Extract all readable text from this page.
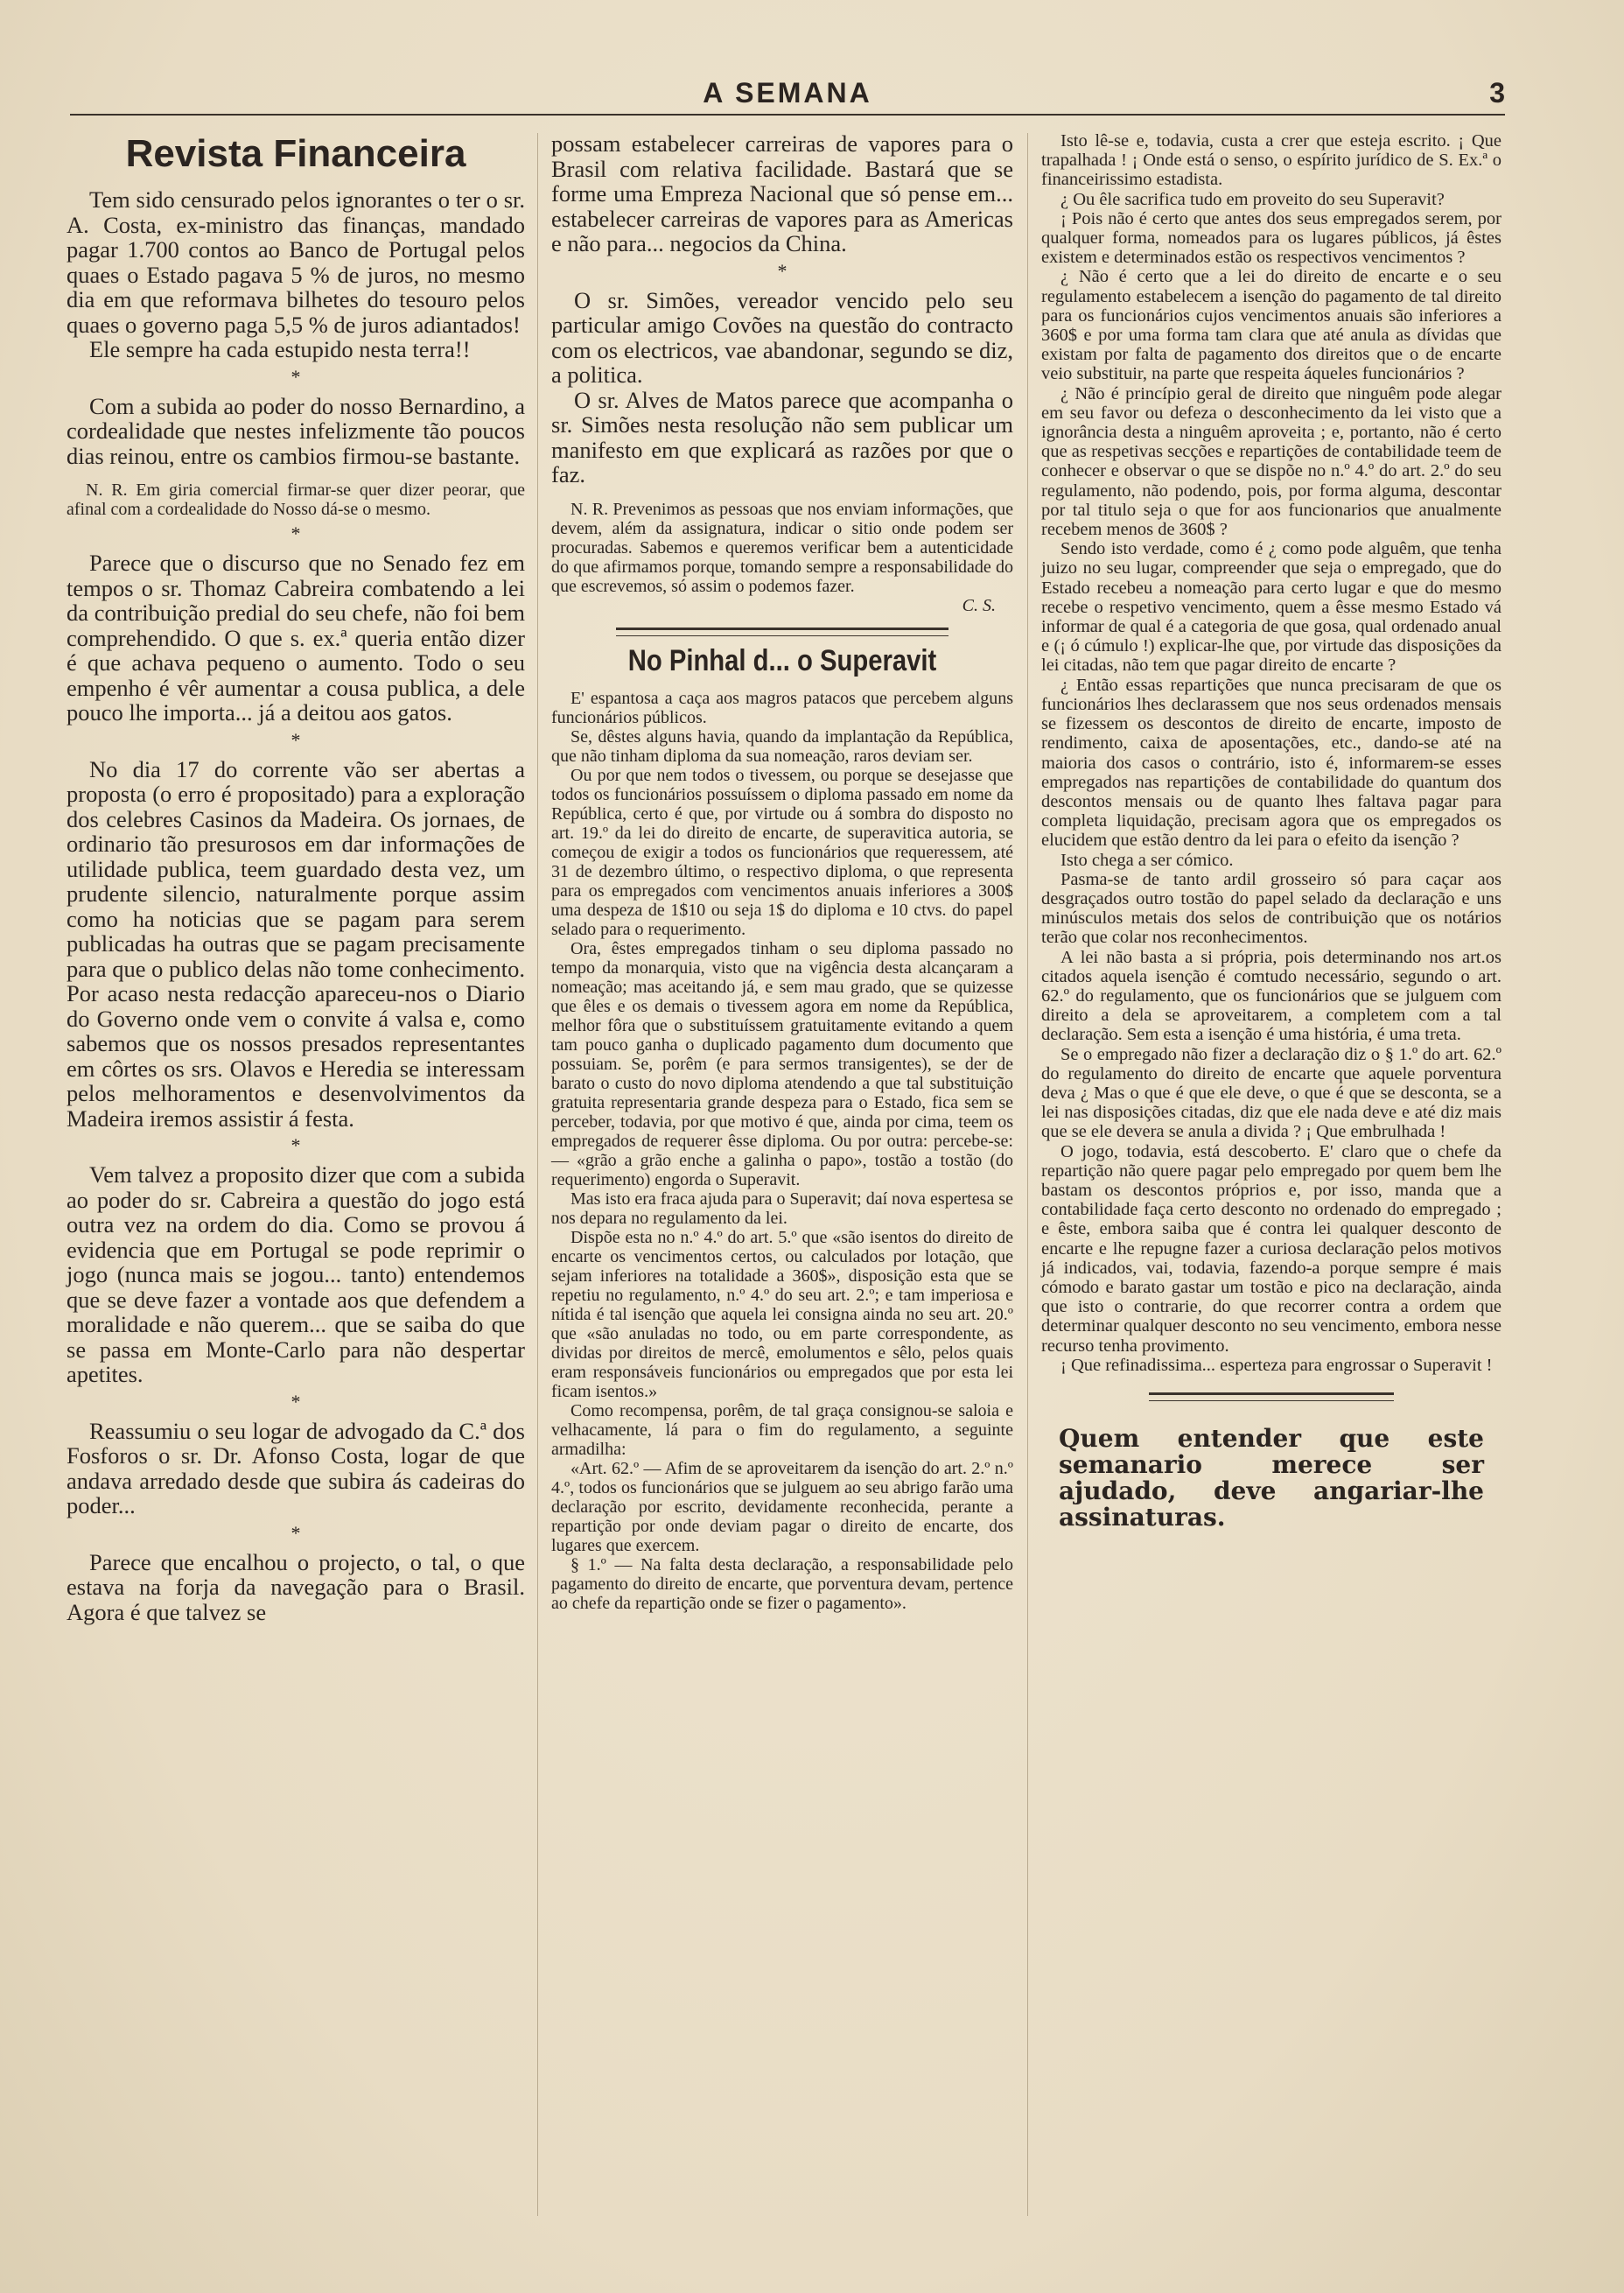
A SEMANA	3
Revista Financeira

Tem sido censurado pelos ignorantes o ter o sr. A. Costa, ex-ministro das finanças, mandado pagar 1.700 contos ao Banco de Portugal pelos quaes o Estado pagava 5 % de juros, no mesmo dia em que reformava bilhetes do tesouro pelos quaes o governo paga 5,5 % de juros adiantados!

Ele sempre ha cada estupido nesta terra!!

*

Com a subida ao poder do nosso Bernardino, a cordealidade que nestes infelizmente tão poucos dias reinou, entre os cambios firmou-se bastante.

N. R. Em giria comercial firmar-se quer dizer peorar, que afinal com a cordealidade do Nosso dá-se o mesmo.

*

Parece que o discurso que no Senado fez em tempos o sr. Thomaz Cabreira combatendo a lei da contribuição predial do seu chefe, não foi bem comprehendido. O que s. ex.ª queria então dizer é que achava pequeno o aumento. Todo o seu empenho é vêr aumentar a cousa publica, a dele pouco lhe importa... já a deitou aos gatos.

*

No dia 17 do corrente vão ser abertas a proposta (o erro é propositado) para a exploração dos celebres Casinos da Madeira. Os jornaes, de ordinario tão presurosos em dar informações de utilidade publica, teem guardado desta vez, um prudente silencio, naturalmente porque assim como ha noticias que se pagam para serem publicadas ha outras que se pagam precisamente para que o publico delas não tome conhecimento. Por acaso nesta redacção apareceu-nos o Diario do Governo onde vem o convite á valsa e, como sabemos que os nossos presados representantes em côrtes os srs. Olavos e Heredia se interessam pelos melhoramentos e desenvolvimentos da Madeira iremos assistir á festa.

*

Vem talvez a proposito dizer que com a subida ao poder do sr. Cabreira a questão do jogo está outra vez na ordem do dia. Como se provou á evidencia que em Portugal se pode reprimir o jogo (nunca mais se jogou... tanto) entendemos que se deve fazer a vontade aos que defendem a moralidade e não querem... que se saiba do que se passa em Monte-Carlo para não despertar apetites.

*

Reassumiu o seu logar de advogado da C.ª dos Fosforos o sr. Dr. Afonso Costa, logar de que andava arredado desde que subira ás cadeiras do poder...

*

Parece que encalhou o projecto, o tal, o que estava na forja da navegação para o Brasil. Agora é que talvez se

possam estabelecer carreiras de vapores para o Brasil com relativa facilidade. Bastará que se forme uma Empreza Nacional que só pense em... estabelecer carreiras de vapores para as Americas e não para... negocios da China.

*

O sr. Simões, vereador vencido pelo seu particular amigo Covões na questão do contracto com os electricos, vae abandonar, segundo se diz, a politica.

O sr. Alves de Matos parece que acompanha o sr. Simões nesta resolução não sem publicar um manifesto em que explicará as razões por que o faz.

N. R. Prevenimos as pessoas que nos enviam informações, que devem, além da assignatura, indicar o sitio onde podem ser procuradas. Sabemos e queremos verificar bem a autenticidade do que afirmamos porque, tomando sempre a responsabilidade do que escrevemos, só assim o podemos fazer.

C. S.
No Pinhal d... o Superavit

E' espantosa a caça aos magros patacos que percebem alguns funcionários públicos.

Se, dêstes alguns havia, quando da implantação da República, que não tinham diploma da sua nomeação, raros deviam ser.

Ou por que nem todos o tivessem, ou porque se desejasse que todos os funcionários possuíssem o diploma passado em nome da República, certo é que, por virtude ou á sombra do disposto no art. 19.º da lei do direito de encarte, de superavitica autoria, se começou de exigir a todos os funcionários que requeressem, até 31 de dezembro último, o respectivo diploma, o que representa para os empregados com vencimentos anuais inferiores a 300$ uma despeza de 1$10 ou seja 1$ do diploma e 10 ctvs. do papel selado para o requerimento.

Ora, êstes empregados tinham o seu diploma passado no tempo da monarquia, visto que na vigência desta alcançaram a nomeação; mas aceitando já, e sem mau grado, que se quizesse que êles e os demais o tivessem agora em nome da República, melhor fôra que o substituíssem gratuitamente evitando a quem tam pouco ganha o duplicado pagamento dum documento que possuiam. Se, porêm (e para sermos transigentes), se der de barato o custo do novo diploma atendendo a que tal substituição gratuita representaria grande despeza para o Estado, fica sem se perceber, todavia, por que motivo é que, ainda por cima, teem os empregados de requerer êsse diploma. Ou por outra: percebe-se: — «grão a grão enche a galinha o papo», tostão a tostão (do requerimento) engorda o Superavit.

Mas isto era fraca ajuda para o Superavit; daí nova espertesa se nos depara no regulamento da lei.

Dispõe esta no n.º 4.º do art. 5.º que «são isentos do direito de encarte os vencimentos certos, ou calculados por lotação, que sejam inferiores na totalidade a 360$», disposição esta que se repetiu no regulamento, n.º 4.º do seu art. 2.º; e tam imperiosa e nítida é tal isenção que aquela lei consigna ainda no seu art. 20.º que «são anuladas no todo, ou em parte correspondente, as dividas por direitos de mercê, emolumentos e sêlo, pelos quais eram responsáveis funcionários ou empregados que por esta lei ficam isentos.»

Como recompensa, porêm, de tal graça consignou-se saloia e velhacamente, lá para o fim do regulamento, a seguinte armadilha:

«Art. 62.º — Afim de se aproveitarem da isenção do art. 2.º n.º 4.º, todos os funcionários que se julguem ao seu abrigo farão uma declaração por escrito, devidamente reconhecida, perante a repartição por onde deviam pagar o direito de encarte, dos lugares que exercem.

§ 1.º — Na falta desta declaração, a responsabilidade pelo pagamento do direito de encarte, que porventura devam, pertence ao chefe da repartição onde se fizer o pagamento».

Isto lê-se e, todavia, custa a crer que esteja escrito. ¡ Que trapalhada ! ¡ Onde está o senso, o espírito jurídico de S. Ex.ª o financeirissimo estadista.

¿ Ou êle sacrifica tudo em proveito do seu Superavit?

¡ Pois não é certo que antes dos seus empregados serem, por qualquer forma, nomeados para os lugares públicos, já êstes existem e determinados estão os respectivos vencimentos ?

¿ Não é certo que a lei do direito de encarte e o seu regulamento estabelecem a isenção do pagamento de tal direito para os funcionários cujos vencimentos anuais são inferiores a 360$ e por uma forma tam clara que até anula as dívidas que existam por falta de pagamento dos direitos que o de encarte veio substituir, na parte que respeita áqueles funcionários ?

¿ Não é princípio geral de direito que ninguêm pode alegar em seu favor ou defeza o desconhecimento da lei visto que a ignorância desta a ninguêm aproveita ; e, portanto, não é certo que as respetivas secções e repartições de contabilidade teem de conhecer e observar o que se dispõe no n.º 4.º do art. 2.º do seu regulamento, não podendo, pois, por forma alguma, descontar por tal titulo seja o que for aos funcionarios que anualmente recebem menos de 360$ ?

Sendo isto verdade, como é ¿ como pode alguêm, que tenha juizo no seu lugar, compreender que seja o empregado, que do Estado recebeu a nomeação para certo lugar e que do mesmo recebe o respetivo vencimento, quem a êsse mesmo Estado vá informar de qual é a categoria de que gosa, qual ordenado anual e (¡ ó cúmulo !) explicar-lhe que, por virtude das disposições da lei citadas, não tem que pagar direito de encarte ?

¿ Então essas repartições que nunca precisaram de que os funcionários lhes declarassem que nos seus ordenados mensais se fizessem os descontos de direito de encarte, imposto de rendimento, caixa de aposentações, etc., dando-se até na maioria dos casos o contrário, isto é, informarem-se esses empregados nas repartições de contabilidade do quantum dos descontos mensais ou de quanto lhes faltava pagar para completa liquidação, precisam agora que os empregados os elucidem que estão dentro da lei para o efeito da isenção ?

Isto chega a ser cómico.

Pasma-se de tanto ardil grosseiro só para caçar aos desgraçados outro tostão do papel selado da declaração e uns minúsculos metais dos selos de contribuição que os notários terão que colar nos reconhecimentos.

A lei não basta a si própria, pois determinando nos art.os citados aquela isenção é comtudo necessário, segundo o art. 62.º do regulamento, que os funcionários que se julguem com direito a dela se aproveitarem, a completem com a tal declaração. Sem esta a isenção é uma história, é uma treta.

Se o empregado não fizer a declaração diz o § 1.º do art. 62.º do regulamento do direito de encarte que aquele porventura deva ¿ Mas o que é que ele deve, o que é que se desconta, se a lei nas disposições citadas, diz que ele nada deve e até diz mais que se ele devera se anula a divida ? ¡ Que embrulhada !

O jogo, todavia, está descoberto. E' claro que o chefe da repartição não quere pagar pelo empregado por quem bem lhe bastam os descontos próprios e, por isso, manda que a contabilidade faça certo desconto no ordenado do empregado ; e êste, embora saiba que é contra lei qualquer desconto de encarte e lhe repugne fazer a curiosa declaração pelos motivos já indicados, vai, todavia, fazendo-a porque sempre é mais cómodo e barato gastar um tostão e pico na declaração, ainda que isto o contrarie, do que recorrer contra a ordem que determinar qualquer desconto no seu vencimento, embora nesse recurso tenha provimento.

¡ Que refinadissima... esperteza para engrossar o Superavit !

Quem entender que este semanario merece ser ajudado, deve angariar-lhe assinaturas.
